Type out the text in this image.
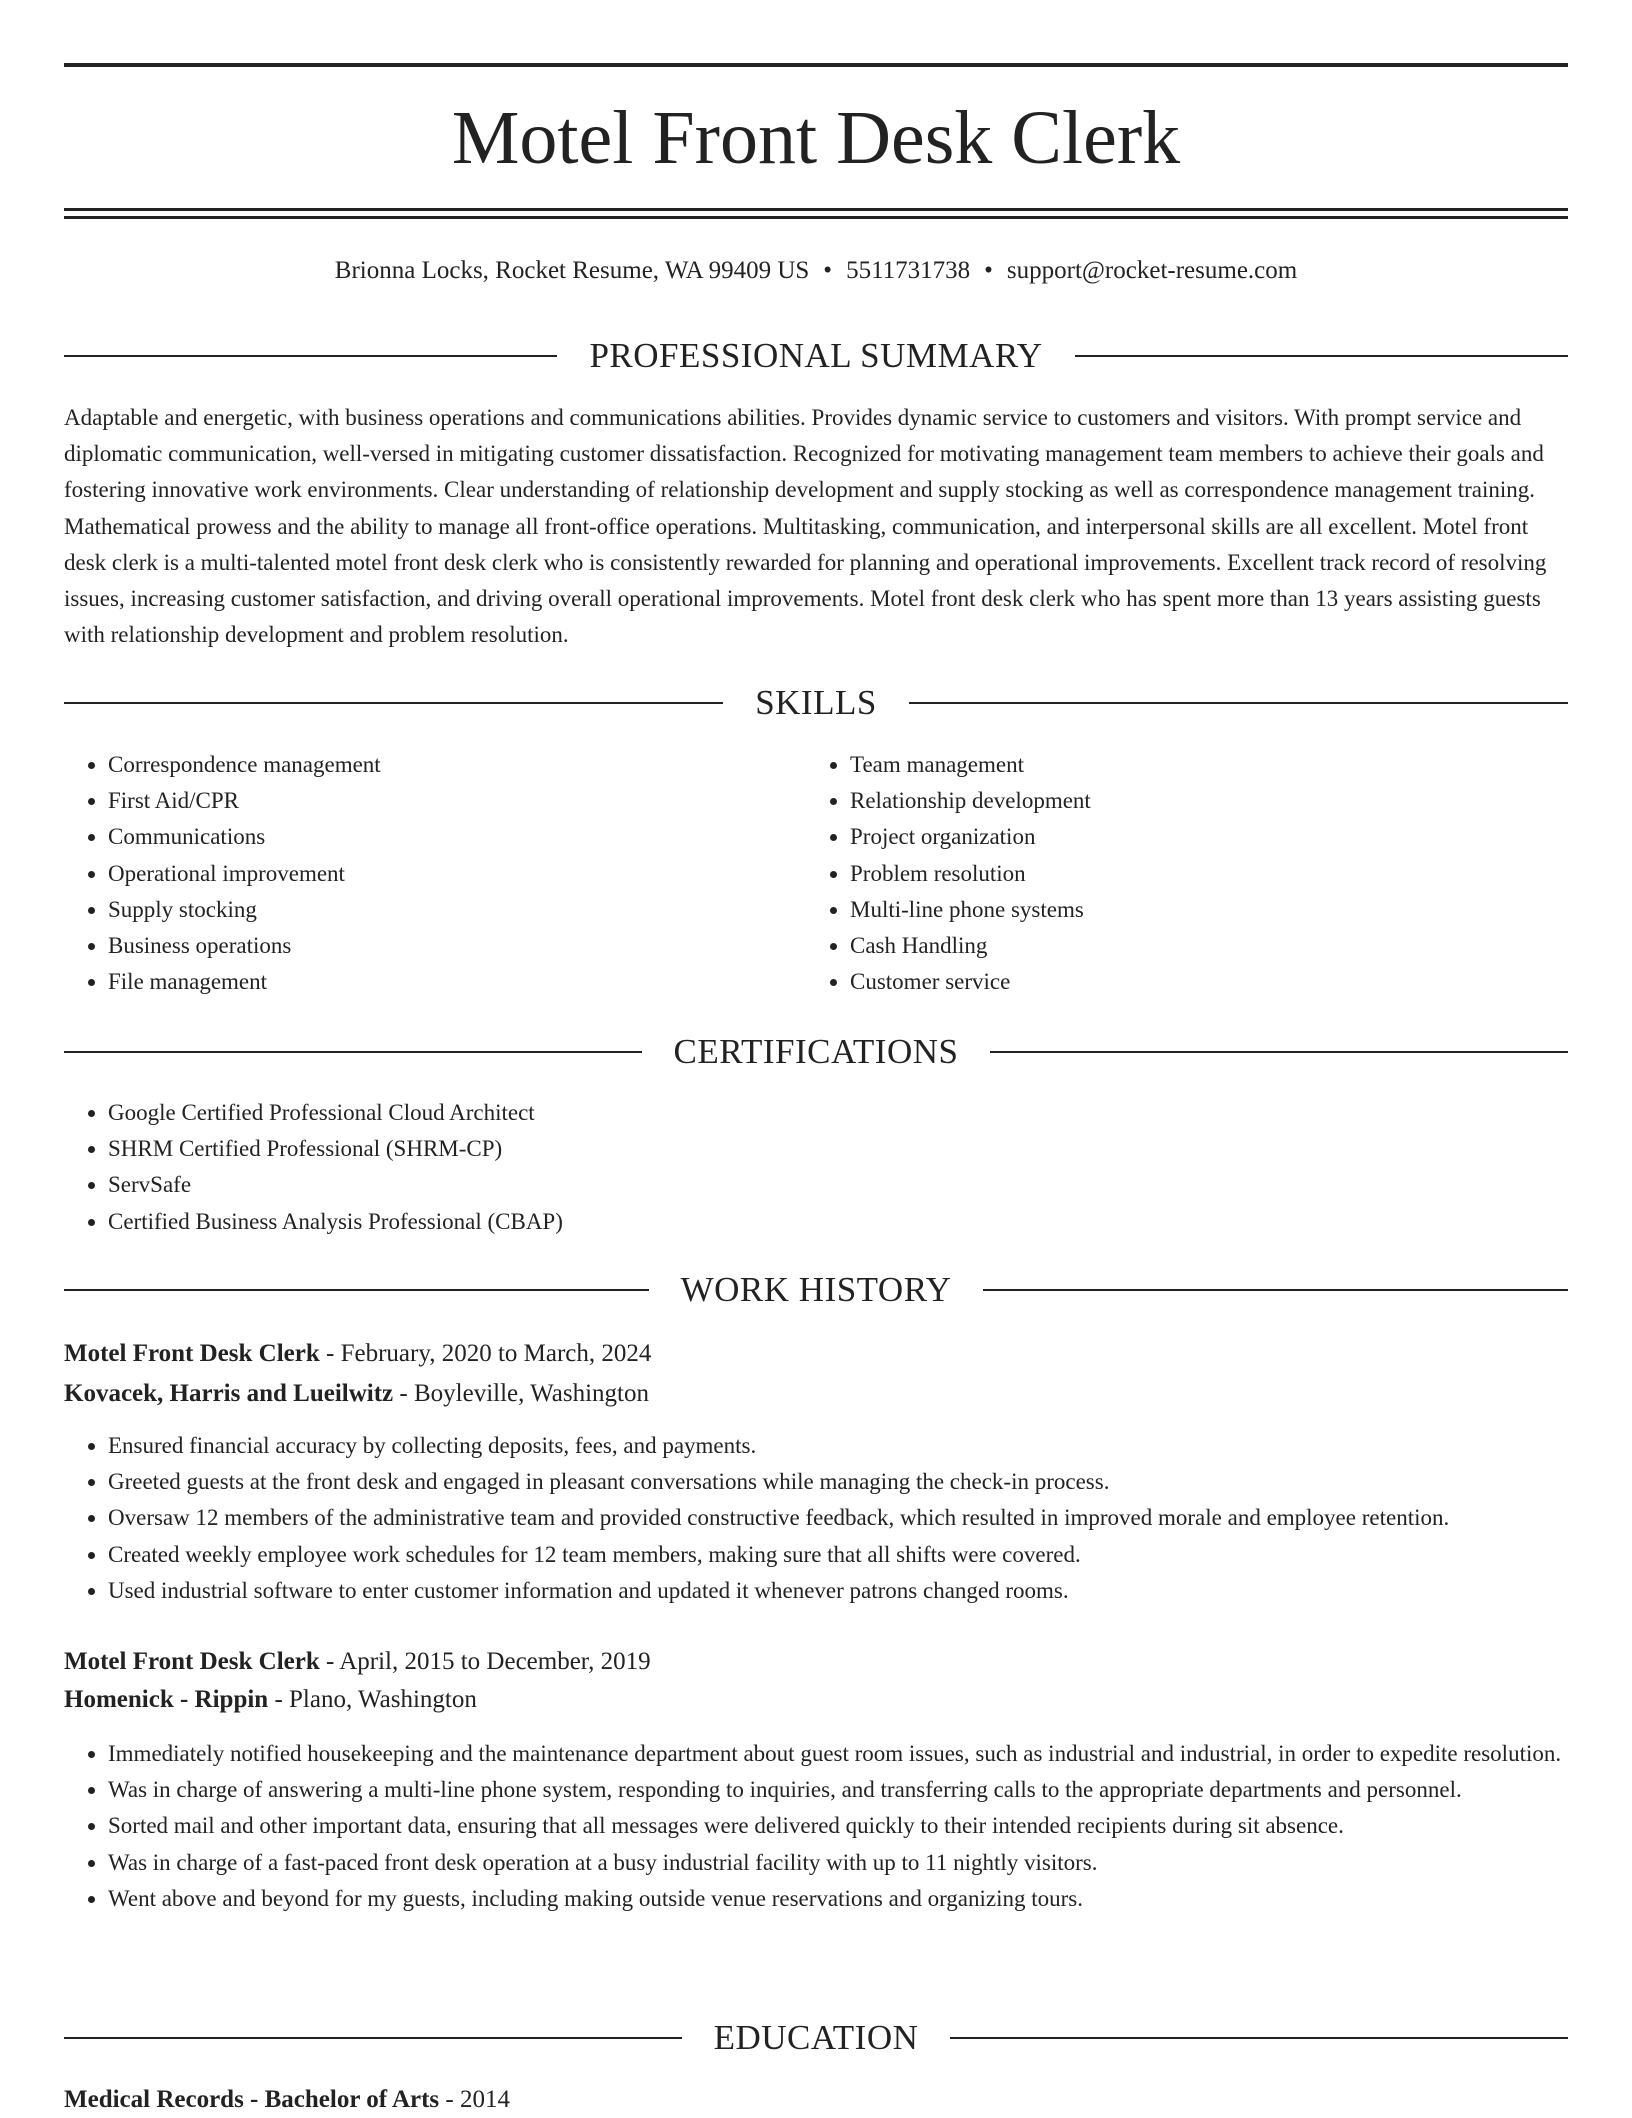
Motel Front Desk Clerk
Brionna Locks, Rocket Resume, WA 99409 US • 5511731738 • support@rocket-resume.com
PROFESSIONAL SUMMARY

Adaptable and energetic, with business operations and communications abilities. Provides dynamic service to customers and visitors. With prompt service and diplomatic communication, well-versed in mitigating customer dissatisfaction. Recognized for motivating management team members to achieve their goals and fostering innovative work environments. Clear understanding of relationship development and supply stocking as well as correspondence management training. Mathematical prowess and the ability to manage all front-office operations. Multitasking, communication, and interpersonal skills are all excellent. Motel front desk clerk is a multi-talented motel front desk clerk who is consistently rewarded for planning and operational improvements. Excellent track record of resolving issues, increasing customer satisfaction, and driving overall operational improvements. Motel front desk clerk who has spent more than 13 years assisting guests with relationship development and problem resolution.

SKILLS
• Correspondence management
• First Aid/CPR
• Communications
• Operational improvement
• Supply stocking
• Business operations
• File management
• Team management
• Relationship development
• Project organization
• Problem resolution
• Multi-line phone systems
• Cash Handling
• Customer service
CERTIFICATIONS
• Google Certified Professional Cloud Architect
• SHRM Certified Professional (SHRM-CP)
• ServSafe
• Certified Business Analysis Professional (CBAP)
WORK HISTORY
Motel Front Desk Clerk - February, 2020 to March, 2024
Kovacek, Harris and Lueilwitz - Boyleville, Washington
• Ensured financial accuracy by collecting deposits, fees, and payments.
• Greeted guests at the front desk and engaged in pleasant conversations while managing the check-in process.
• Oversaw 12 members of the administrative team and provided constructive feedback, which resulted in improved morale and employee retention.
• Created weekly employee work schedules for 12 team members, making sure that all shifts were covered.
• Used industrial software to enter customer information and updated it whenever patrons changed rooms.
Motel Front Desk Clerk - April, 2015 to December, 2019
Homenick - Rippin - Plano, Washington
• Immediately notified housekeeping and the maintenance department about guest room issues, such as industrial and industrial, in order to expedite resolution.
• Was in charge of answering a multi-line phone system, responding to inquiries, and transferring calls to the appropriate departments and personnel.
• Sorted mail and other important data, ensuring that all messages were delivered quickly to their intended recipients during sit absence.
• Was in charge of a fast-paced front desk operation at a busy industrial facility with up to 11 nightly visitors.
• Went above and beyond for my guests, including making outside venue reservations and organizing tours.
EDUCATION
Medical Records - Bachelor of Arts - 2014
